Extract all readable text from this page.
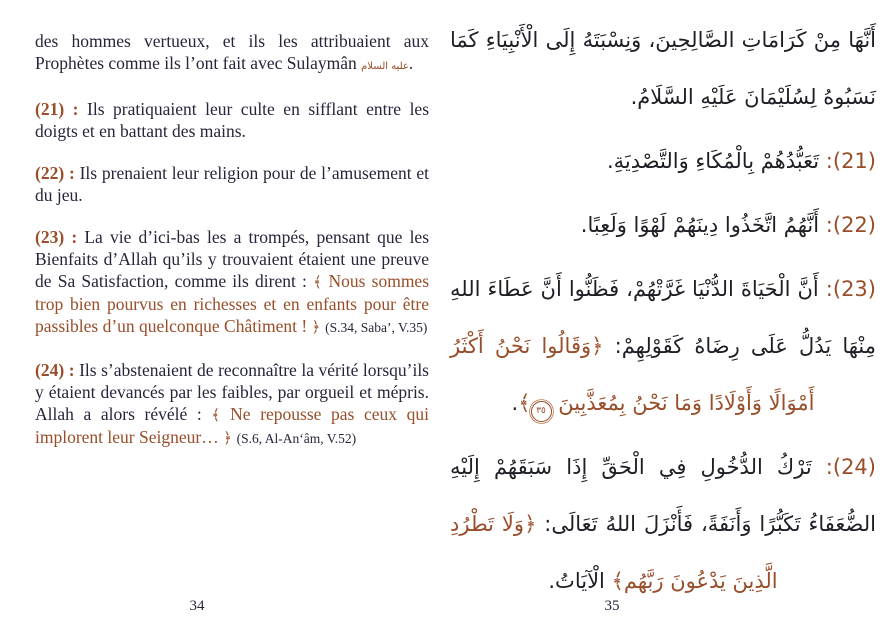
des hommes vertueux, et ils les attribuaient aux Prophètes comme ils l’ont fait avec Sulaymân عليه السلام.

(21) : Ils pratiquaient leur culte en sifflant entre les doigts et en battant des mains.

(22) : Ils prenaient leur religion pour de l’amusement et du jeu.

(23) : La vie d’ici-bas les a trompés, pensant que les Bienfaits d’Allah qu’ils y trouvaient étaient une preuve de Sa Satisfaction, comme ils dirent : ﴾ Nous sommes trop bien pourvus en richesses et en enfants pour être passibles d’un quelconque Châtiment ! ﴿ (S.34, Saba’, V.35)

(24) : Ils s’abstenaient de reconnaître la vérité lorsqu’ils y étaient devancés par les faibles, par orgueil et mépris. Allah a alors révélé : ﴾ Ne repousse pas ceux qui implorent leur Seigneur… ﴿ (S.6, Al-An‘âm, V.52)

أَنَّهَا مِنْ كَرَامَاتِ الصَّالِحِينَ، وَنِسْبَتَهُ إِلَى الْأَنْبِيَاءِ كَمَا نَسَبُوهُ لِسُلَيْمَانَ عَلَيْهِ السَّلَامُ.

(21): تَعَبُّدُهُمْ بِالْمُكَاءِ وَالتَّصْدِيَةِ.

(22): أَنَّهُمُ اتَّخَذُوا دِينَهُمْ لَهْوًا وَلَعِبًا.

(23): أَنَّ الْحَيَاةَ الدُّنْيَا غَرَّتْهُمْ، فَظَنُّوا أَنَّ عَطَاءَ اللهِ مِنْهَا يَدُلُّ عَلَى رِضَاهُ كَقَوْلِهِمْ: ﴿وَقَالُوا نَحْنُ أَكْثَرُ أَمْوَالًا وَأَوْلَادًا وَمَا نَحْنُ بِمُعَذَّبِينَ ٣٥﴾.

(24): تَرْكُ الدُّخُولِ فِي الْحَقِّ إِذَا سَبَقَهُمْ إِلَيْهِ الضُّعَفَاءُ تَكَبُّرًا وَأَنَفَةً، فَأَنْزَلَ اللهُ تَعَالَى: ﴿وَلَا تَطْرُدِ الَّذِينَ يَدْعُونَ رَبَّهُم﴾ الْآيَاتُ.

34	35
